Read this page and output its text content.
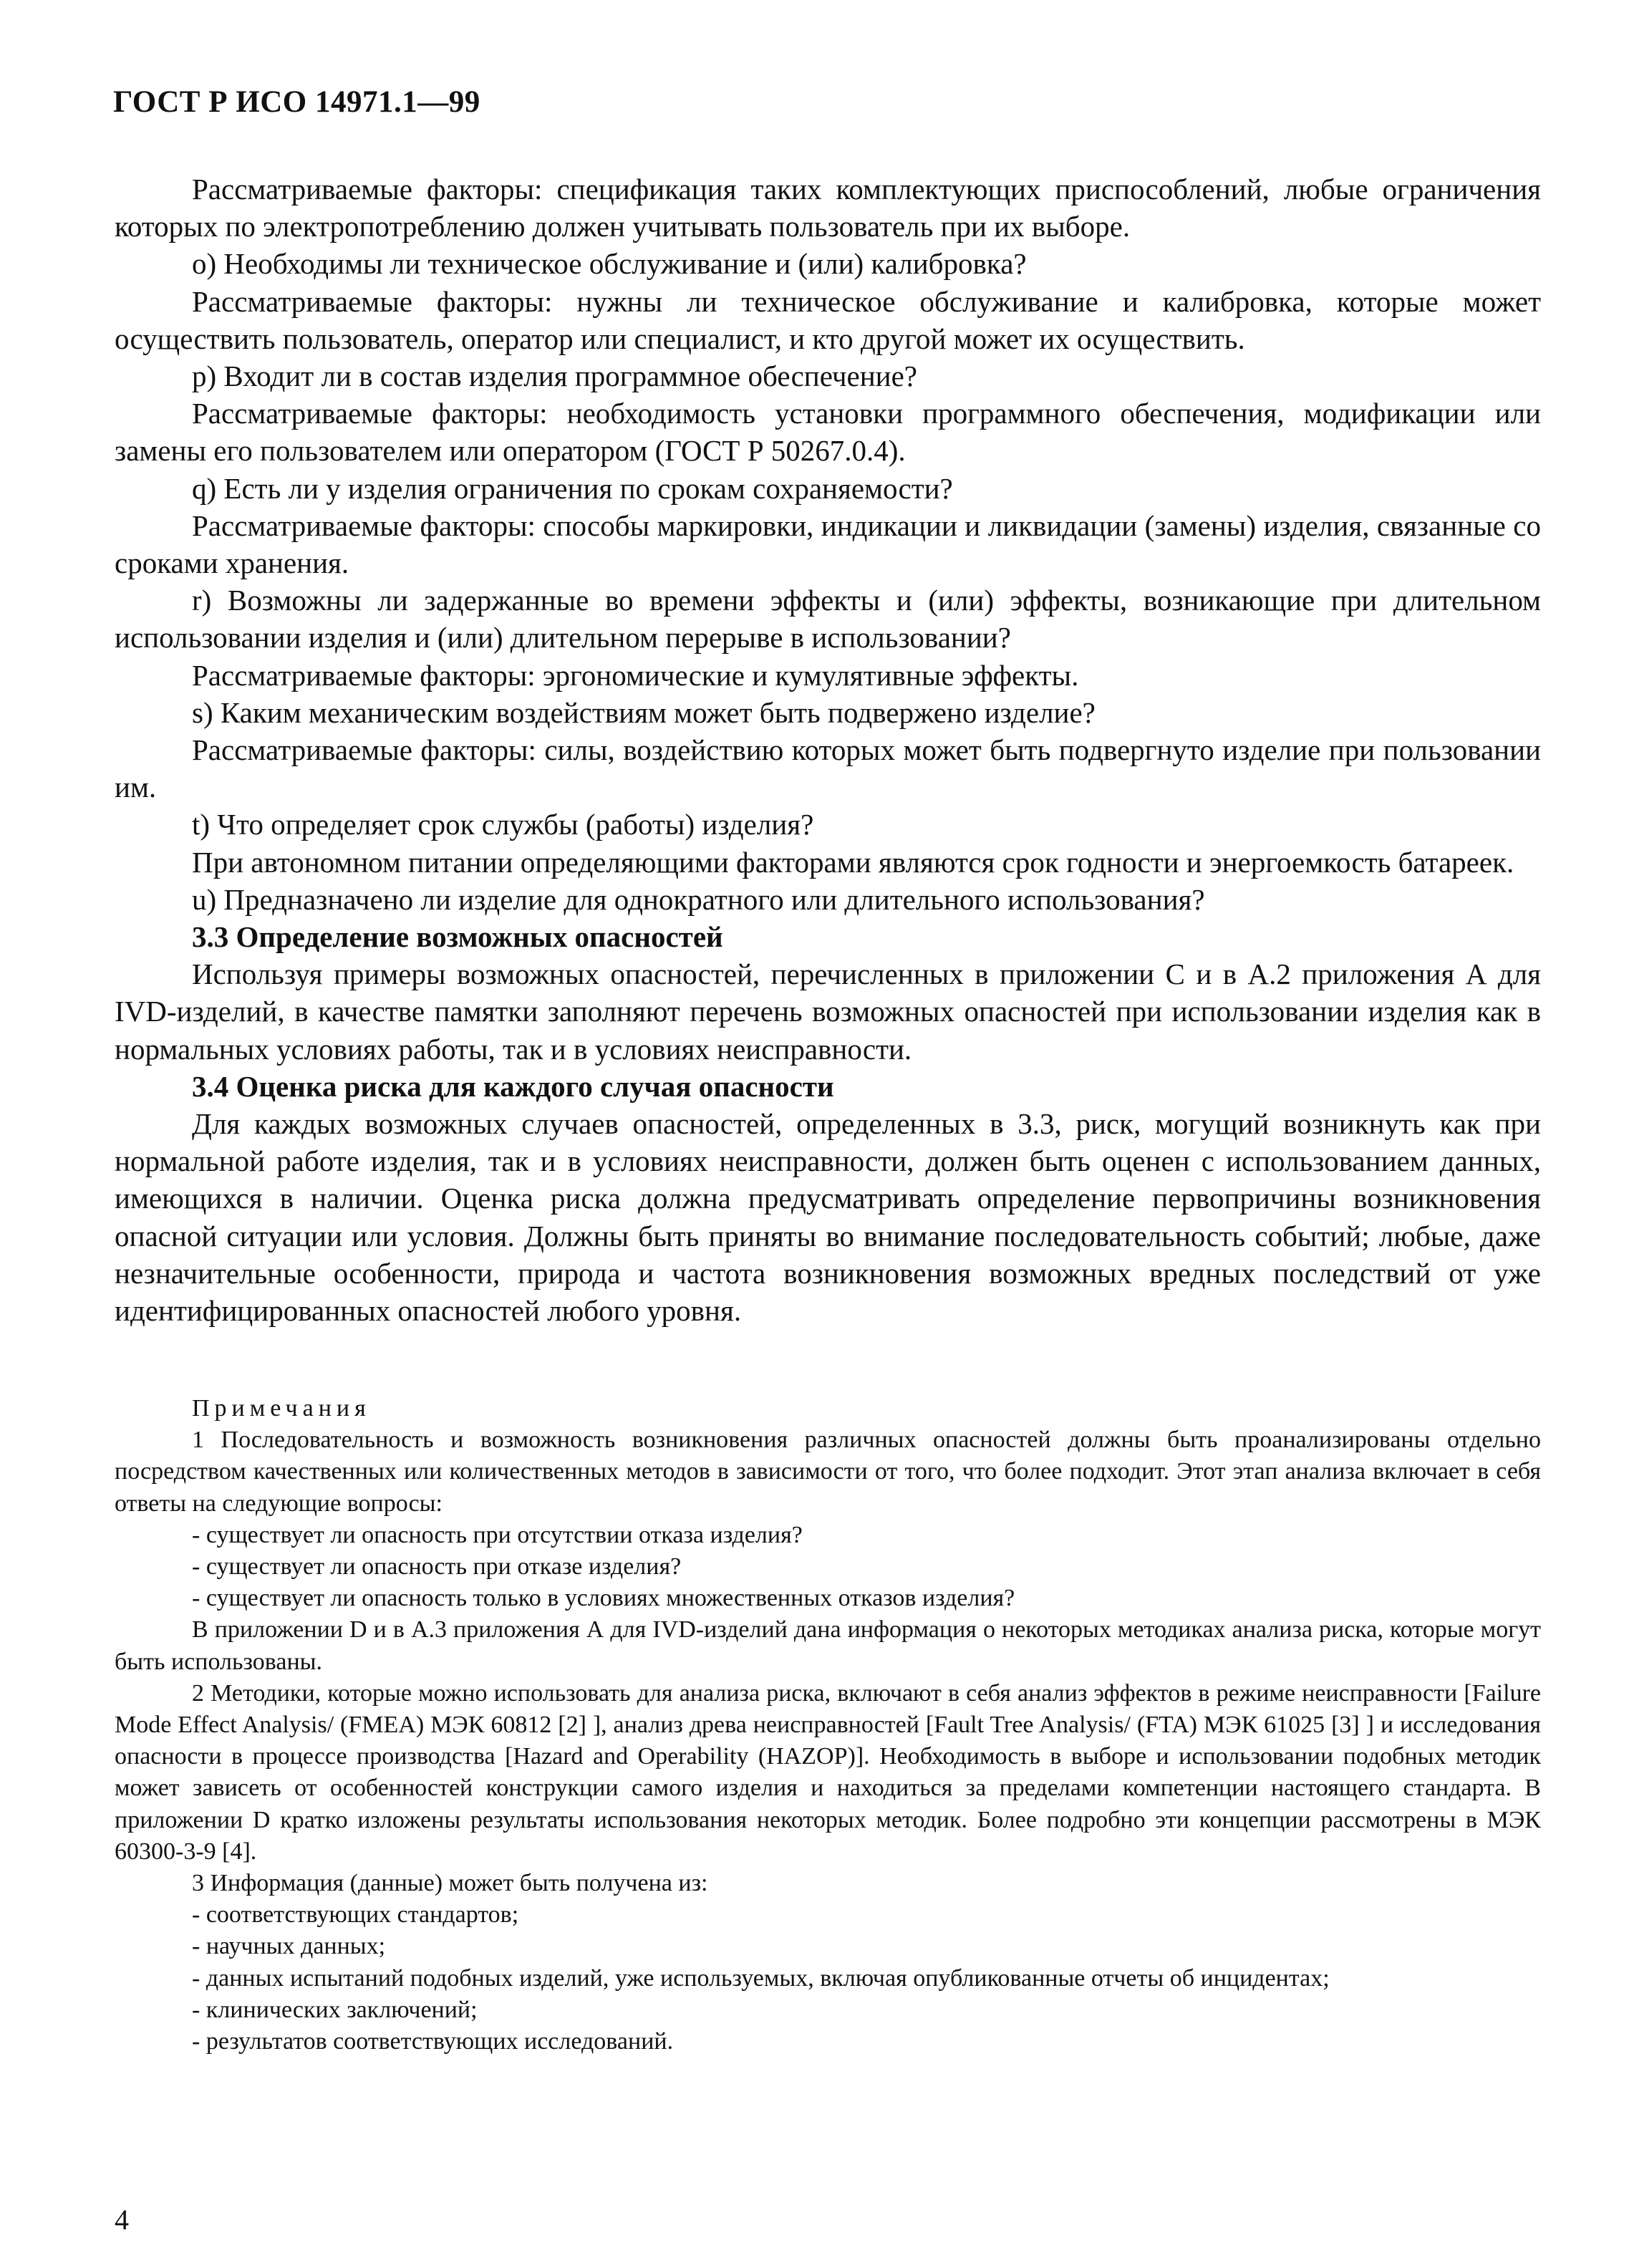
ГОСТ Р ИСО 14971.1—99

Рассматриваемые факторы: спецификация таких комплектующих приспособлений, любые ограничения которых по электропотреблению должен учитывать пользователь при их выборе.

о) Необходимы ли техническое обслуживание и (или) калибровка?

Рассматриваемые факторы: нужны ли техническое обслуживание и калибровка, которые может осуществить пользователь, оператор или специалист, и кто другой может их осуществить.

р) Входит ли в состав изделия программное обеспечение?

Рассматриваемые факторы: необходимость установки программного обеспечения, модификации или замены его пользователем или оператором (ГОСТ Р 50267.0.4).

q) Есть ли у изделия ограничения по срокам сохраняемости?

Рассматриваемые факторы: способы маркировки, индикации и ликвидации (замены) изделия, связанные со сроками хранения.

r) Возможны ли задержанные во времени эффекты и (или) эффекты, возникающие при длительном использовании изделия и (или) длительном перерыве в использовании?

Рассматриваемые факторы: эргономические и кумулятивные эффекты.

s) Каким механическим воздействиям может быть подвержено изделие?

Рассматриваемые факторы: силы, воздействию которых может быть подвергнуто изделие при пользовании им.

t) Что определяет срок службы (работы) изделия?

При автономном питании определяющими факторами являются срок годности и энергоемкость батареек.

u) Предназначено ли изделие для однократного или длительного использования?

3.3 Определение возможных опасностей

Используя примеры возможных опасностей, перечисленных в приложении С и в А.2 приложения А для IVD-изделий, в качестве памятки заполняют перечень возможных опасностей при использовании изделия как в нормальных условиях работы, так и в условиях неисправности.

3.4 Оценка риска для каждого случая опасности

Для каждых возможных случаев опасностей, определенных в 3.3, риск, могущий возникнуть как при нормальной работе изделия, так и в условиях неисправности, должен быть оценен с использованием данных, имеющихся в наличии. Оценка риска должна предусматривать определение первопричины возникновения опасной ситуации или условия. Должны быть приняты во внимание последовательность событий; любые, даже незначительные особенности, природа и частота возникновения возможных вредных последствий от уже идентифицированных опасностей любого уровня.

Примечания

1 Последовательность и возможность возникновения различных опасностей должны быть проанализированы отдельно посредством качественных или количественных методов в зависимости от того, что более подходит. Этот этап анализа включает в себя ответы на следующие вопросы:

- существует ли опасность при отсутствии отказа изделия?

- существует ли опасность при отказе изделия?

- существует ли опасность только в условиях множественных отказов изделия?

В приложении D и в А.3 приложения А для IVD-изделий дана информация о некоторых методиках анализа риска, которые могут быть использованы.

2 Методики, которые можно использовать для анализа риска, включают в себя анализ эффектов в режиме неисправности [Failure Mode Effect Analysis/ (FMEA) МЭК 60812 [2] ], анализ древа неисправностей [Fault Tree Analysis/ (FTA) МЭК 61025 [3] ] и исследования опасности в процессе производства [Hazard and Operability (HAZOP)]. Необходимость в выборе и использовании подобных методик может зависеть от особенностей конструкции самого изделия и находиться за пределами компетенции настоящего стандарта. В приложении D кратко изложены результаты использования некоторых методик. Более подробно эти концепции рассмотрены в МЭК 60300-3-9 [4].

3 Информация (данные) может быть получена из:

- соответствующих стандартов;

- научных данных;

- данных испытаний подобных изделий, уже используемых, включая опубликованные отчеты об инцидентах;

- клинических заключений;

- результатов соответствующих исследований.

4
